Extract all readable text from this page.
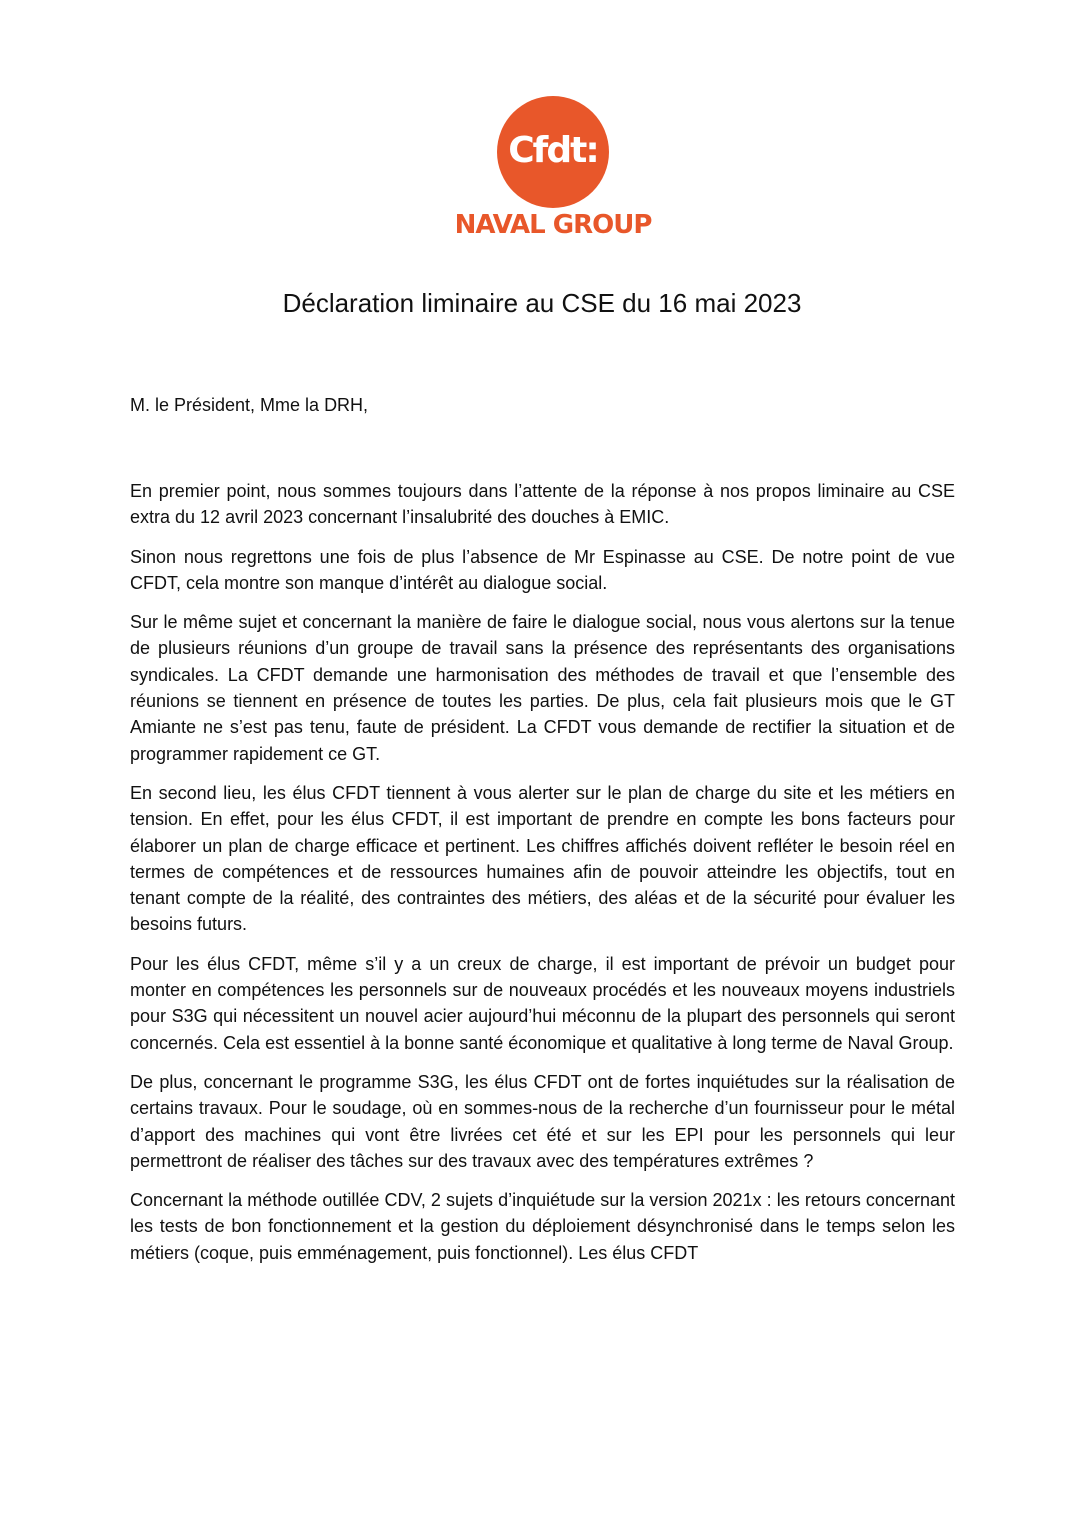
Cfdt:
NAVAL GROUP
Déclaration liminaire au CSE du 16 mai 2023

M. le Président, Mme la DRH,

En premier point, nous sommes toujours dans l’attente de la réponse à nos propos liminaire au CSE extra du 12 avril 2023 concernant l’insalubrité des douches à EMIC.

Sinon nous regrettons une fois de plus l’absence de Mr Espinasse au CSE. De notre point de vue CFDT, cela montre son manque d’intérêt au dialogue social.

Sur le même sujet et concernant la manière de faire le dialogue social, nous vous alertons sur la tenue de plusieurs réunions d’un groupe de travail sans la présence des représentants des organisations syndicales. La CFDT demande une harmonisation des méthodes de travail et que l’ensemble des réunions se tiennent en présence de toutes les parties. De plus, cela fait plusieurs mois que le GT Amiante ne s’est pas tenu, faute de président. La CFDT vous demande de rectifier la situation et de programmer rapidement ce GT.

En second lieu, les élus CFDT tiennent à vous alerter sur le plan de charge du site et les métiers en tension. En effet, pour les élus CFDT, il est important de prendre en compte les bons facteurs pour élaborer un plan de charge efficace et pertinent. Les chiffres affichés doivent refléter le besoin réel en termes de compétences et de ressources humaines afin de pouvoir atteindre les objectifs, tout en tenant compte de la réalité, des contraintes des métiers, des aléas et de la sécurité pour évaluer les besoins futurs.

Pour les élus CFDT, même s’il y a un creux de charge, il est important de prévoir un budget pour monter en compétences les personnels sur de nouveaux procédés et les nouveaux moyens industriels pour S3G qui nécessitent un nouvel acier aujourd’hui méconnu de la plupart des personnels qui seront concernés. Cela est essentiel à la bonne santé économique et qualitative à long terme de Naval Group.

De plus, concernant le programme S3G, les élus CFDT ont de fortes inquiétudes sur la réalisation de certains travaux. Pour le soudage, où en sommes-nous de la recherche d’un fournisseur pour le métal d’apport des machines qui vont être livrées cet été et sur les EPI pour les personnels qui leur permettront de réaliser des tâches sur des travaux avec des températures extrêmes ?

Concernant la méthode outillée CDV, 2 sujets d’inquiétude sur la version 2021x : les retours concernant les tests de bon fonctionnement et la gestion du déploiement désynchronisé dans le temps selon les métiers (coque, puis emménagement, puis fonctionnel). Les élus CFDT
